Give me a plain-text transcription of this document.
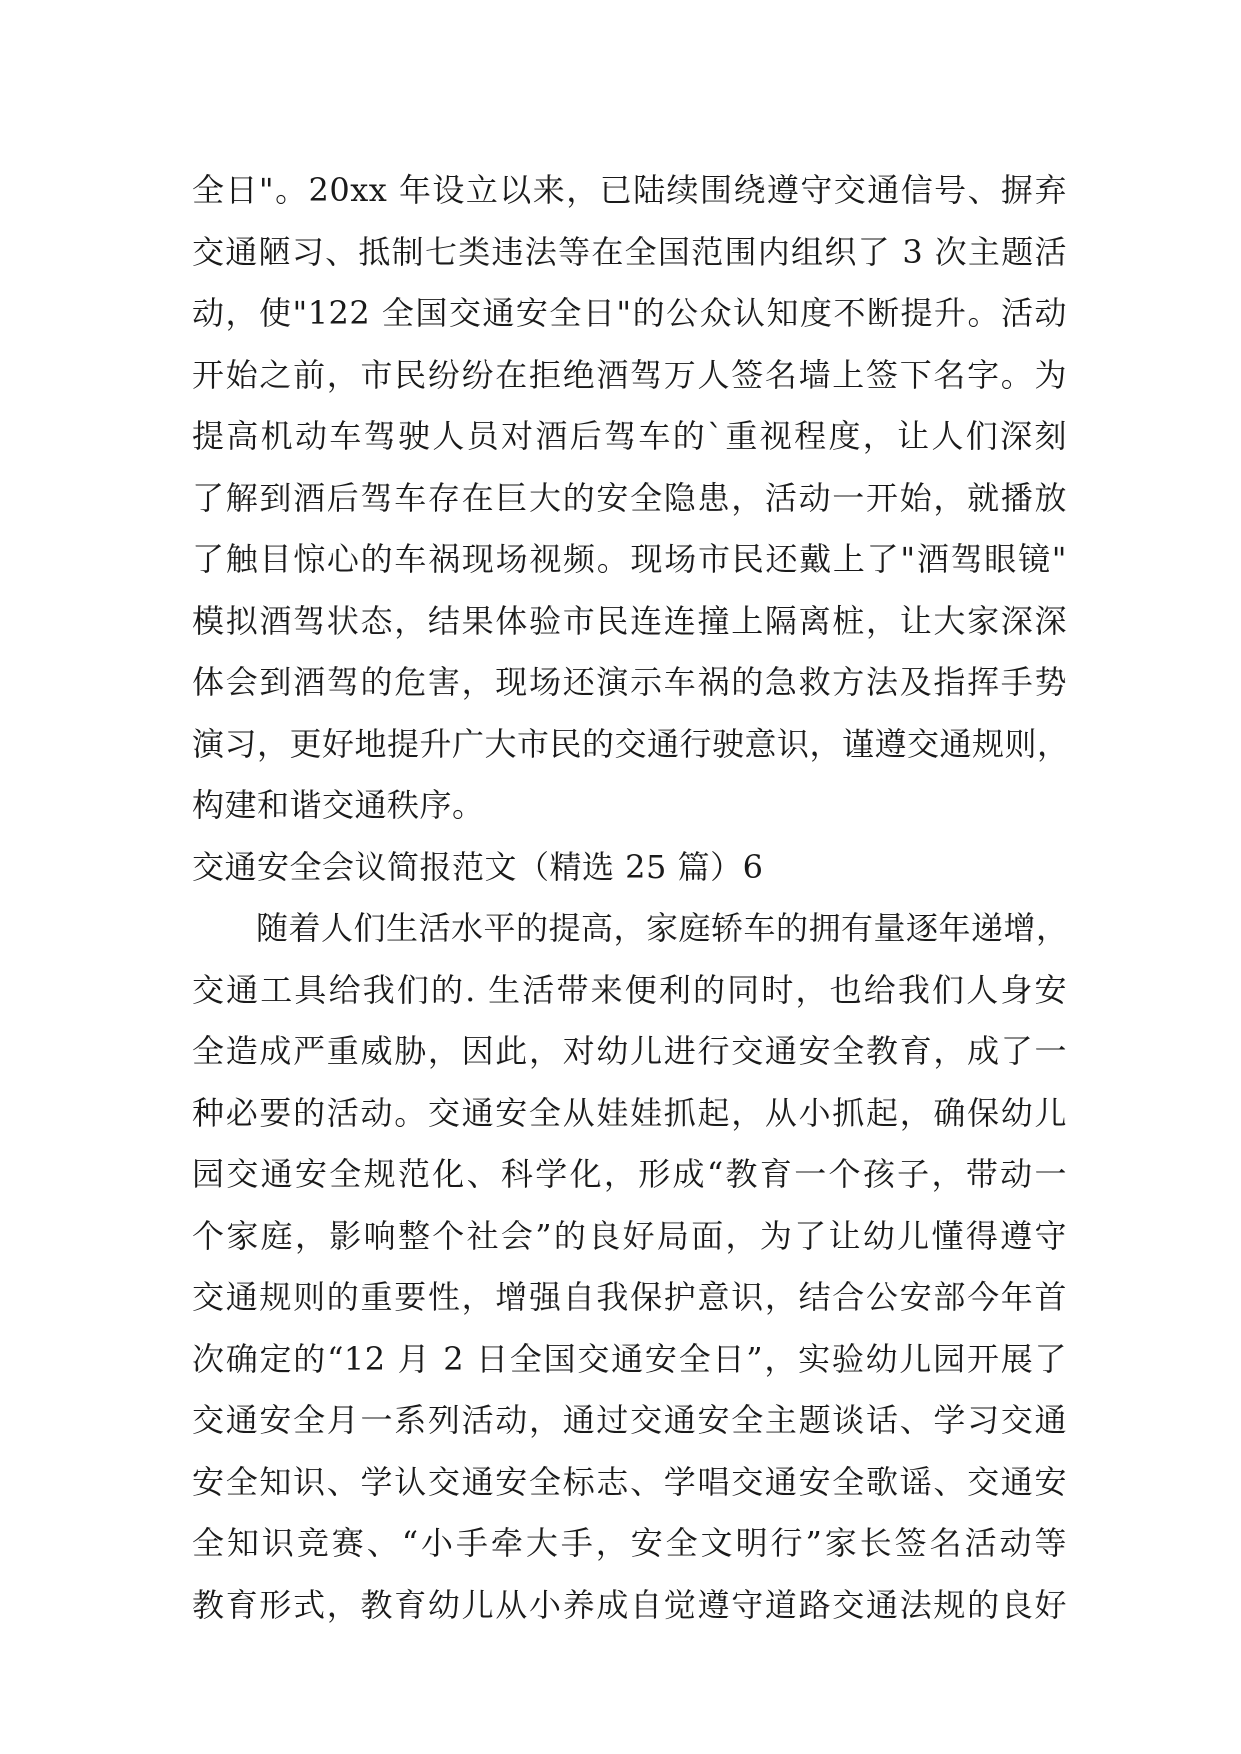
全日"。20xx 年设立以来，已陆续围绕遵守交通信号、摒弃
交通陋习、抵制七类违法等在全国范围内组织了 3 次主题活
动，使"122 全国交通安全日"的公众认知度不断提升。活动
开始之前，市民纷纷在拒绝酒驾万人签名墙上签下名字。为
提高机动车驾驶人员对酒后驾车的`重视程度，让人们深刻
了解到酒后驾车存在巨大的安全隐患，活动一开始，就播放
了触目惊心的车祸现场视频。现场市民还戴上了"酒驾眼镜"
模拟酒驾状态，结果体验市民连连撞上隔离桩，让大家深深
体会到酒驾的危害，现场还演示车祸的急救方法及指挥手势
演习，更好地提升广大市民的交通行驶意识，谨遵交通规则，
构建和谐交通秩序。
交通安全会议简报范文（精选 25 篇）6
随着人们生活水平的提高，家庭轿车的拥有量逐年递增，
交通工具给我们的. 生活带来便利的同时，也给我们人身安
全造成严重威胁，因此，对幼儿进行交通安全教育，成了一
种必要的活动。交通安全从娃娃抓起，从小抓起，确保幼儿
园交通安全规范化、科学化，形成“教育一个孩子，带动一
个家庭，影响整个社会”的良好局面，为了让幼儿懂得遵守
交通规则的重要性，增强自我保护意识，结合公安部今年首
次确定的“12 月 2 日全国交通安全日”，实验幼儿园开展了
交通安全月一系列活动，通过交通安全主题谈话、学习交通
安全知识、学认交通安全标志、学唱交通安全歌谣、交通安
全知识竞赛、“小手牵大手，安全文明行”家长签名活动等
教育形式，教育幼儿从小养成自觉遵守道路交通法规的良好
